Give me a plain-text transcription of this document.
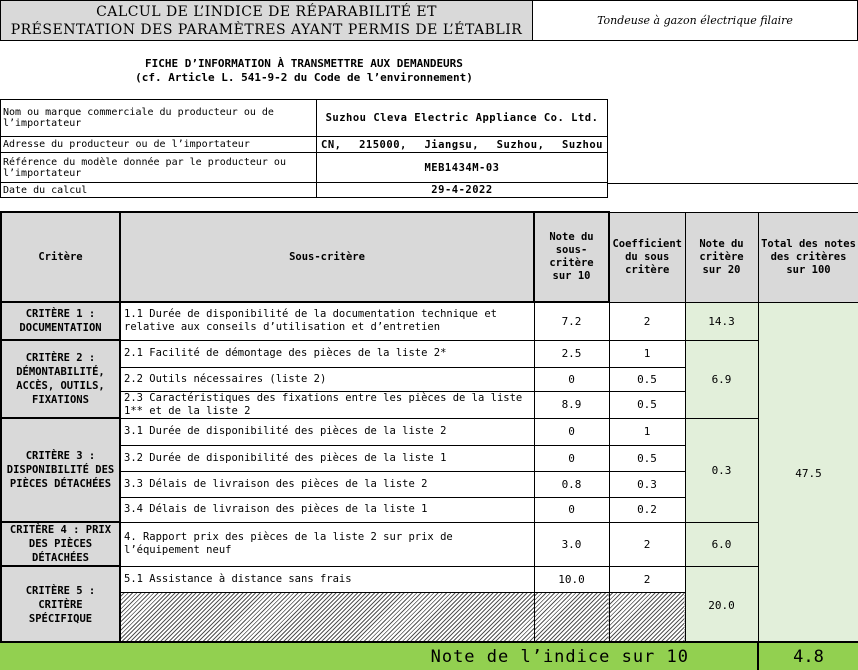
CALCUL DE L’INDICE DE RÉPARABILITÉ ET
PRÉSENTATION DES PARAMÈTRES AYANT PERMIS DE L’ÉTABLIR
Tondeuse à gazon électrique filaire
FICHE D’INFORMATION À TRANSMETTRE AUX DEMANDEURS
(cf. Article L. 541-9-2 du Code de l’environnement)
Nom ou marque commerciale du producteur ou de l’importateur	Suzhou Cleva Electric Appliance Co. Ltd.
Adresse du producteur ou de l’importateur	CN, 215000, Jiangsu, Suzhou, Suzhou
Référence du modèle donnée par le producteur ou l’importateur	MEB1434M-03
Date du calcul	29-4-2022
Critère	Sous-critère	Note du sous-critère sur 10	Coefficient du sous critère	Note du critère sur 20	Total des notes des critères sur 100
CRITÈRE 1 : DOCUMENTATION	1.1 Durée de disponibilité de la documentation technique et relative aux conseils d’utilisation et d’entretien	7.2	2	14.3	47.5
CRITÈRE 2 : DÉMONTABILITÉ, ACCÈS, OUTILS, FIXATIONS	2.1 Facilité de démontage des pièces de la liste 2*	2.5	1	6.9	
	2.2 Outils nécessaires (liste 2)	0	0.5		
	2.3 Caractéristiques des fixations entre les pièces de la liste 1** et de la liste 2	8.9	0.5		
CRITÈRE 3 : DISPONIBILITÉ DES PIÈCES DÉTACHÉES	3.1 Durée de disponibilité des pièces de la liste 2	0	1	0.3	
	3.2 Durée de disponibilité des pièces de la liste 1	0	0.5		
	3.3 Délais de livraison des pièces de la liste 2	0.8	0.3		
	3.4 Délais de livraison des pièces de la liste 1	0	0.2		
CRITÈRE 4 : PRIX DES PIÈCES DÉTACHÉES	4. Rapport prix des pièces de la liste 2 sur prix de l’équipement neuf	3.0	2	6.0	
CRITÈRE 5 : CRITÈRE SPÉCIFIQUE	5.1 Assistance à distance sans frais	10.0	2	20.0	

Note de l’indice sur 10	4.8
